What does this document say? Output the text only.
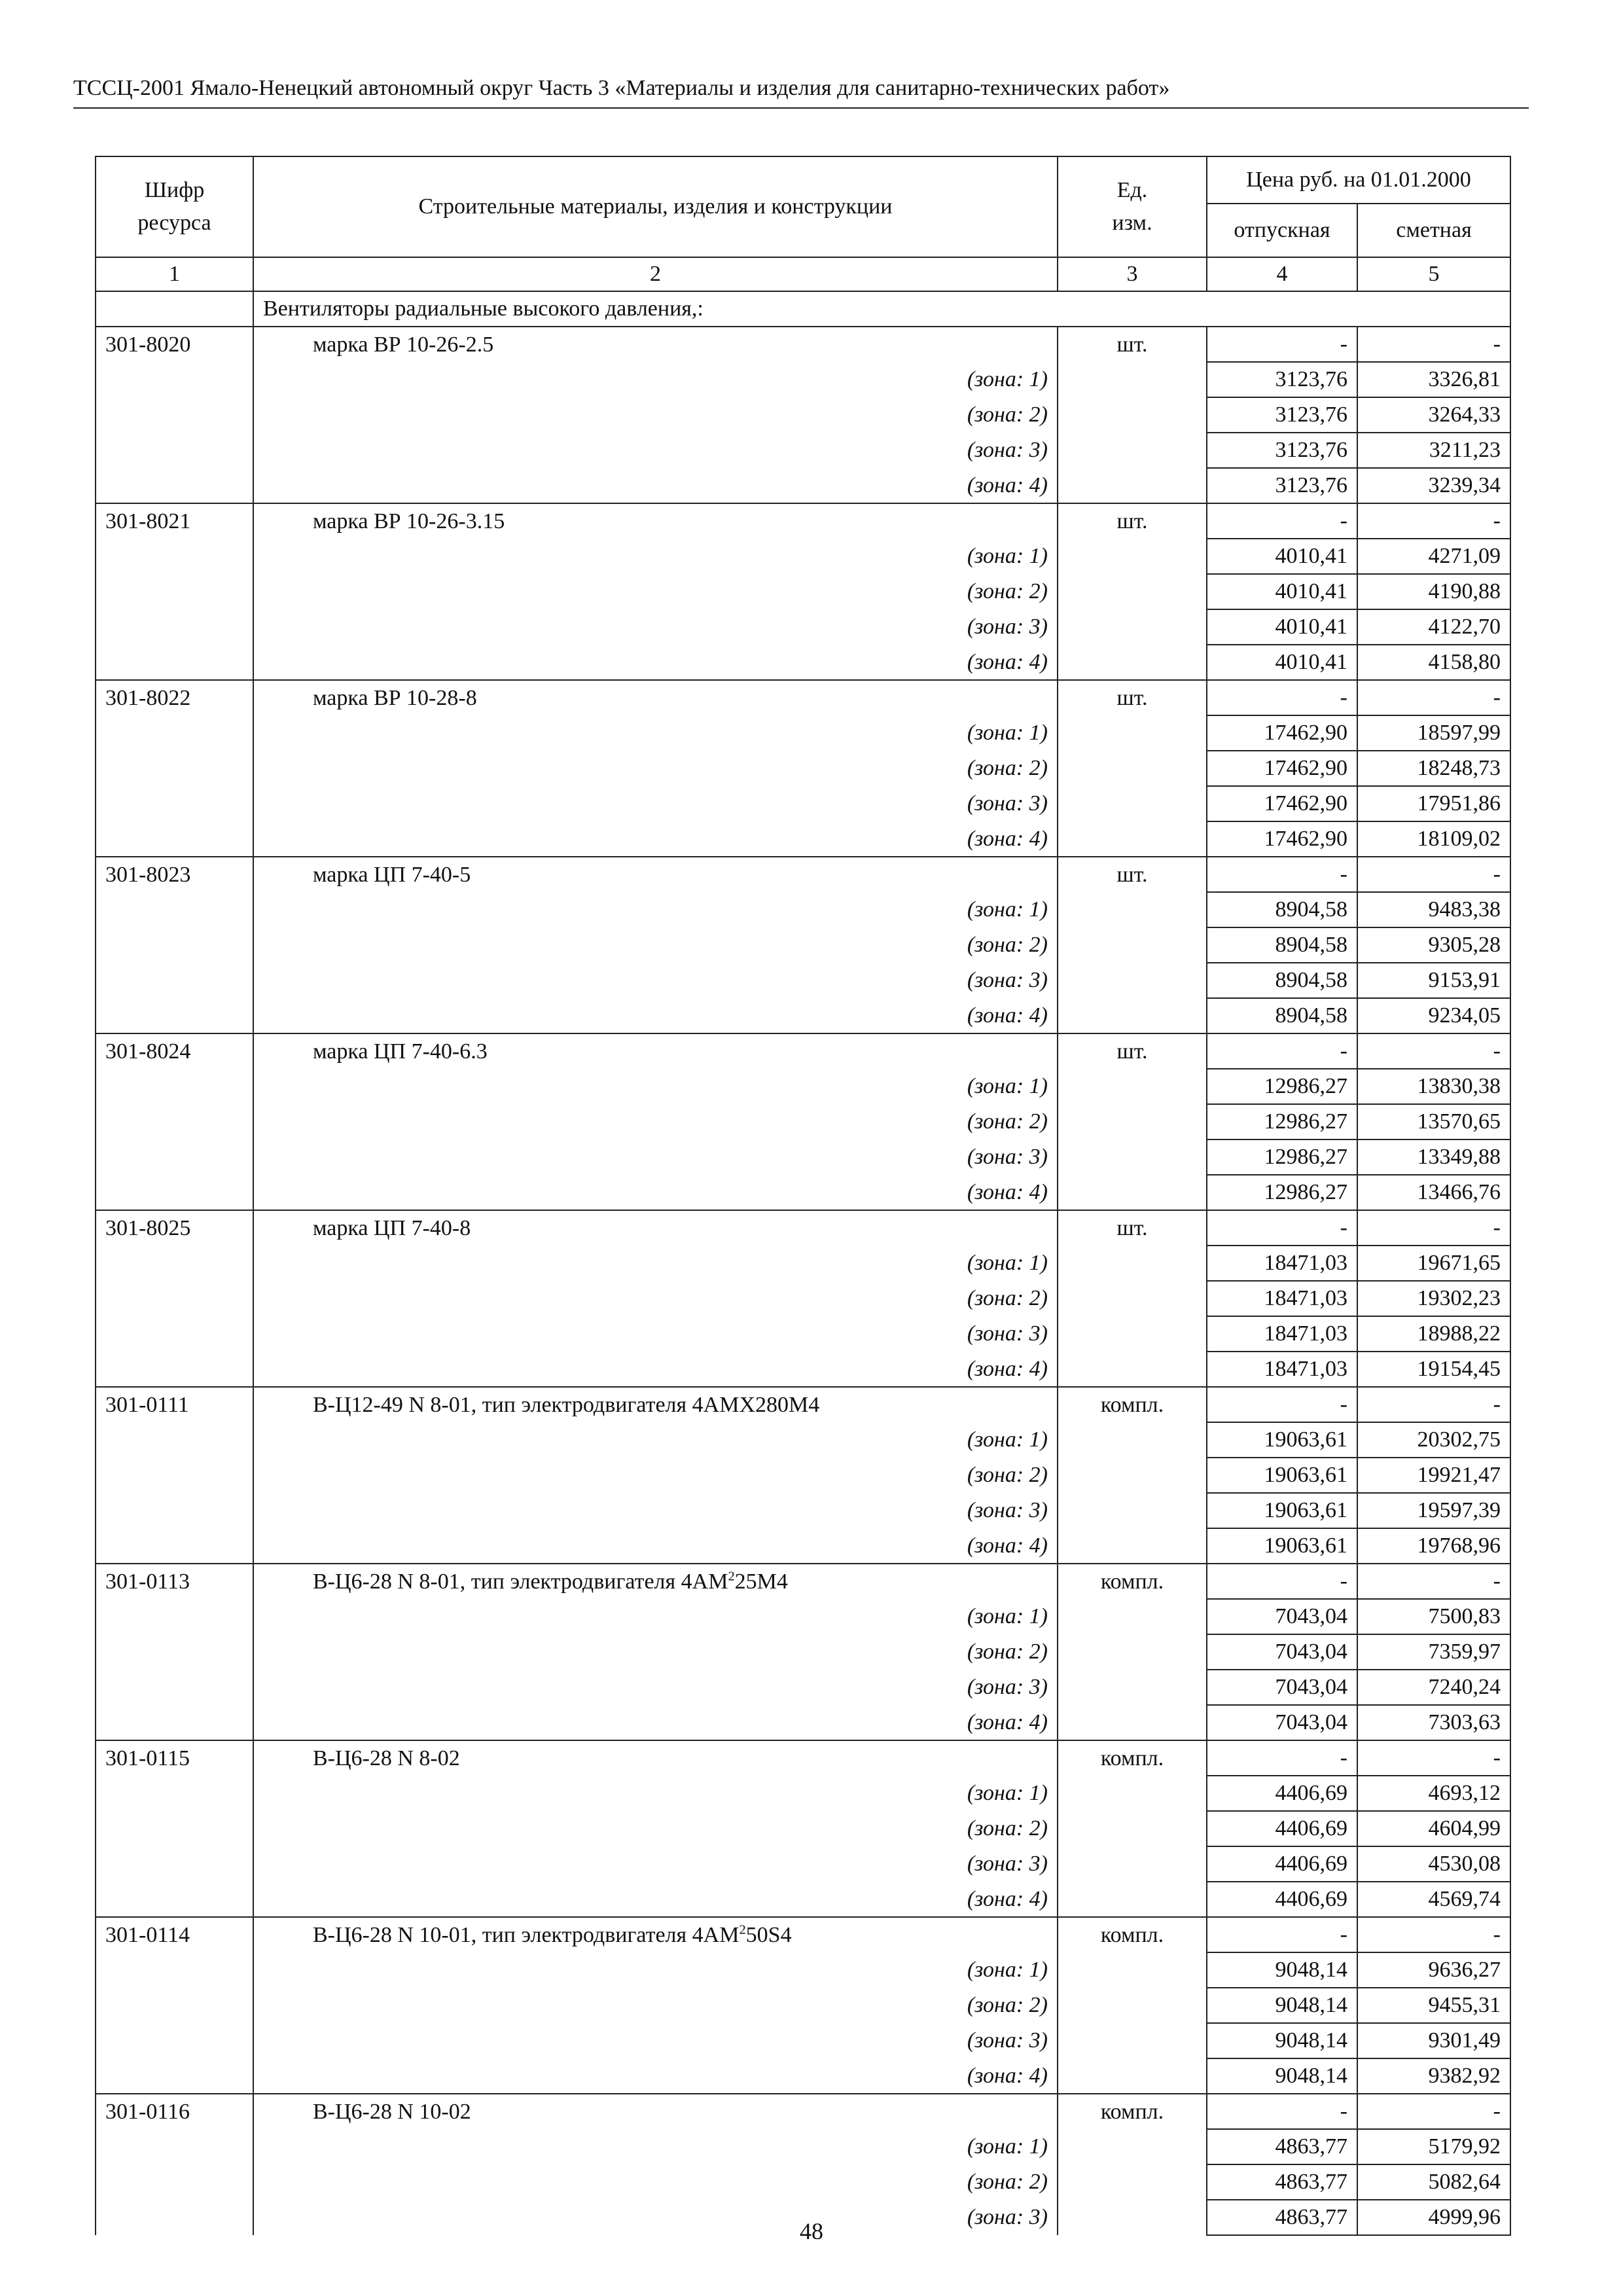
ТССЦ-2001 Ямало-Ненецкий автономный округ Часть 3 «Материалы и изделия для санитарно-технических работ»
Шифр ресурса	Строительные материалы, изделия и конструкции	Ед. изм.	Цена руб. на 01.01.2000	
			отпускная	сметная
1	2	3	4	5
	Вентиляторы радиальные высокого давления,:			
301-8020	марка ВР 10-26-2.5	шт.	-	-
	(зона: 1)		3123,76	3326,81
	(зона: 2)		3123,76	3264,33
	(зона: 3)		3123,76	3211,23
	(зона: 4)		3123,76	3239,34
301-8021	марка ВР 10-26-3.15	шт.	-	-
	(зона: 1)		4010,41	4271,09
	(зона: 2)		4010,41	4190,88
	(зона: 3)		4010,41	4122,70
	(зона: 4)		4010,41	4158,80
301-8022	марка ВР 10-28-8	шт.	-	-
	(зона: 1)		17462,90	18597,99
	(зона: 2)		17462,90	18248,73
	(зона: 3)		17462,90	17951,86
	(зона: 4)		17462,90	18109,02
301-8023	марка ЦП 7-40-5	шт.	-	-
	(зона: 1)		8904,58	9483,38
	(зона: 2)		8904,58	9305,28
	(зона: 3)		8904,58	9153,91
	(зона: 4)		8904,58	9234,05
301-8024	марка ЦП 7-40-6.3	шт.	-	-
	(зона: 1)		12986,27	13830,38
	(зона: 2)		12986,27	13570,65
	(зона: 3)		12986,27	13349,88
	(зона: 4)		12986,27	13466,76
301-8025	марка ЦП 7-40-8	шт.	-	-
	(зона: 1)		18471,03	19671,65
	(зона: 2)		18471,03	19302,23
	(зона: 3)		18471,03	18988,22
	(зона: 4)		18471,03	19154,45
301-0111	В-Ц12-49 N 8-01, тип электродвигателя 4АМХ280М4	компл.	-	-
	(зона: 1)		19063,61	20302,75
	(зона: 2)		19063,61	19921,47
	(зона: 3)		19063,61	19597,39
	(зона: 4)		19063,61	19768,96
301-0113	В-Ц6-28 N 8-01, тип электродвигателя $4АМ^225М4$	компл.	-	-
	(зона: 1)		7043,04	7500,83
	(зона: 2)		7043,04	7359,97
	(зона: 3)		7043,04	7240,24
	(зона: 4)		7043,04	7303,63
301-0115	В-Ц6-28 N 8-02	компл.	-	-
	(зона: 1)		4406,69	4693,12
	(зона: 2)		4406,69	4604,99
	(зона: 3)		4406,69	4530,08
	(зона: 4)		4406,69	4569,74
301-0114	В-Ц6-28 N 10-01, тип электродвигателя $4АМ^250S4$	компл.	-	-
	(зона: 1)		9048,14	9636,27
	(зона: 2)		9048,14	9455,31
	(зона: 3)		9048,14	9301,49
	(зона: 4)		9048,14	9382,92
301-0116	В-Ц6-28 N 10-02	компл.	-	-
	(зона: 1)		4863,77	5179,92
	(зона: 2)		4863,77	5082,64
	(зона: 3)		4863,77	4999,96
48
